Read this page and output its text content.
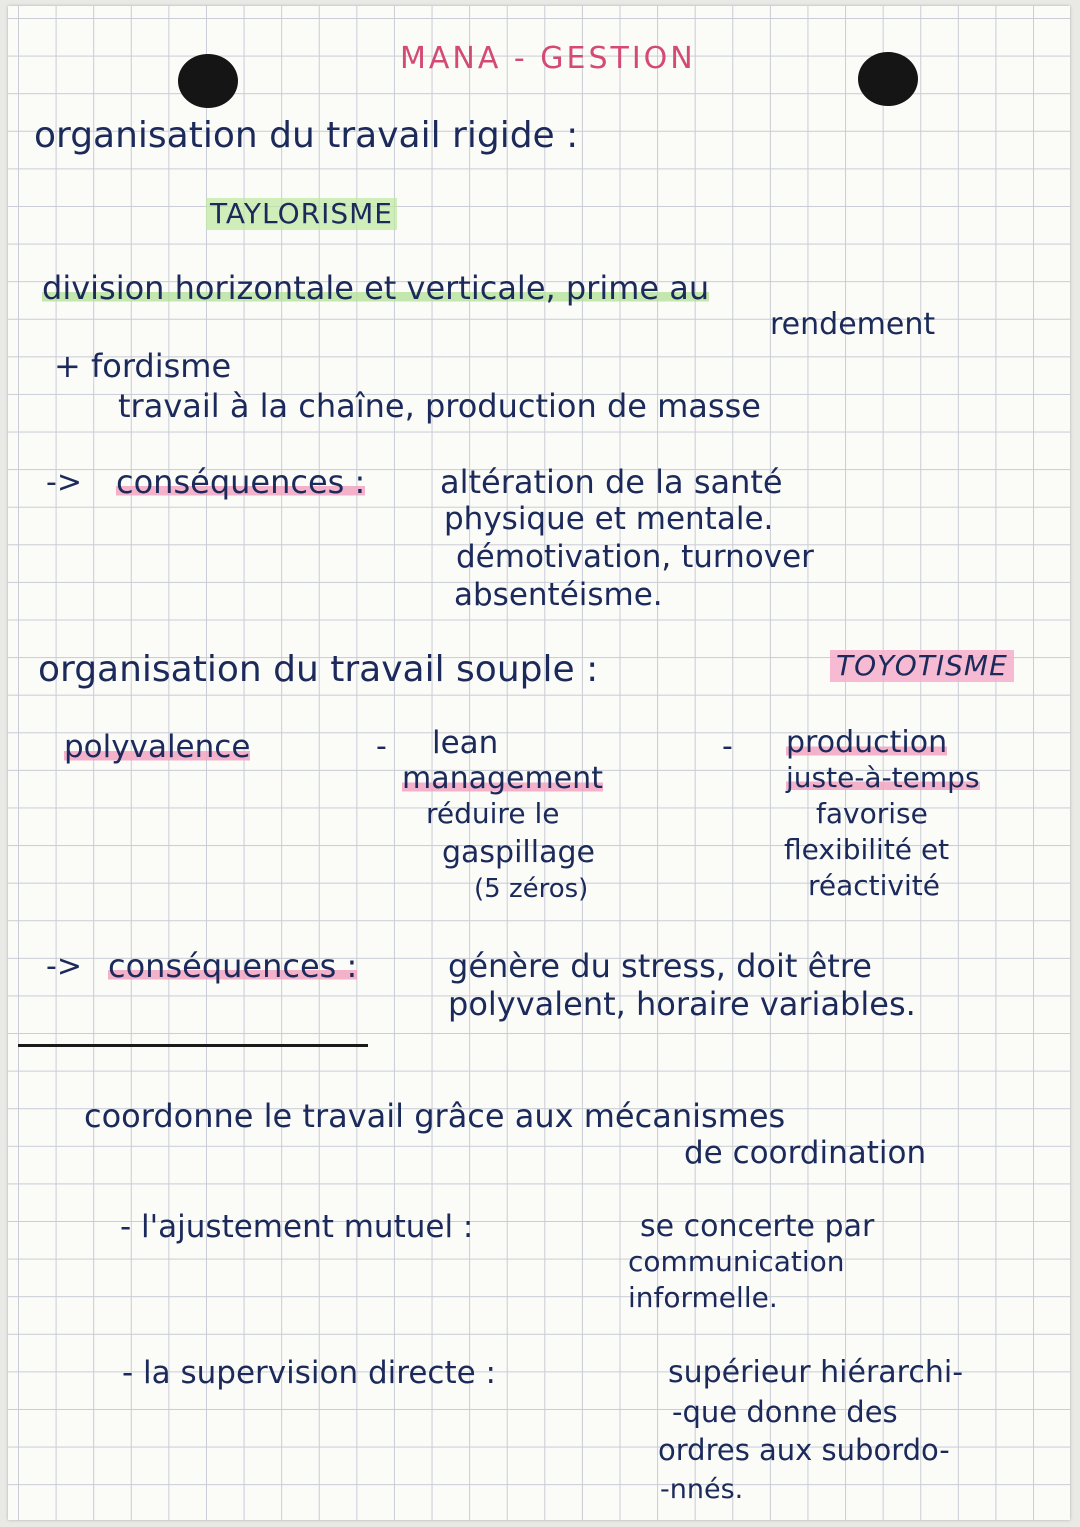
MANA - GESTION
organisation du travail rigide :
TAYLORISME
division horizontale et verticale, prime au
rendement
+ fordisme
travail à la chaîne, production de masse
-> conséquences : altération de la santé
physique et mentale.
démotivation, turnover
absentéisme.
organisation du travail souple :	TOYOTISME
polyvalence	- lean
management
réduire le
gaspillage
(5 zéros)
- production
juste-à-temps
favorise
flexibilité et
réactivité
-> conséquences :	génère du stress, doit être
polyvalent, horaire variables.
coordonne le travail grâce aux mécanismes
de coordination
- l'ajustement mutuel :	se concerte par
communication
informelle.
- la supervision directe :	supérieur hiérarchi-
-que donne des
ordres aux subordo-
-nnés.
